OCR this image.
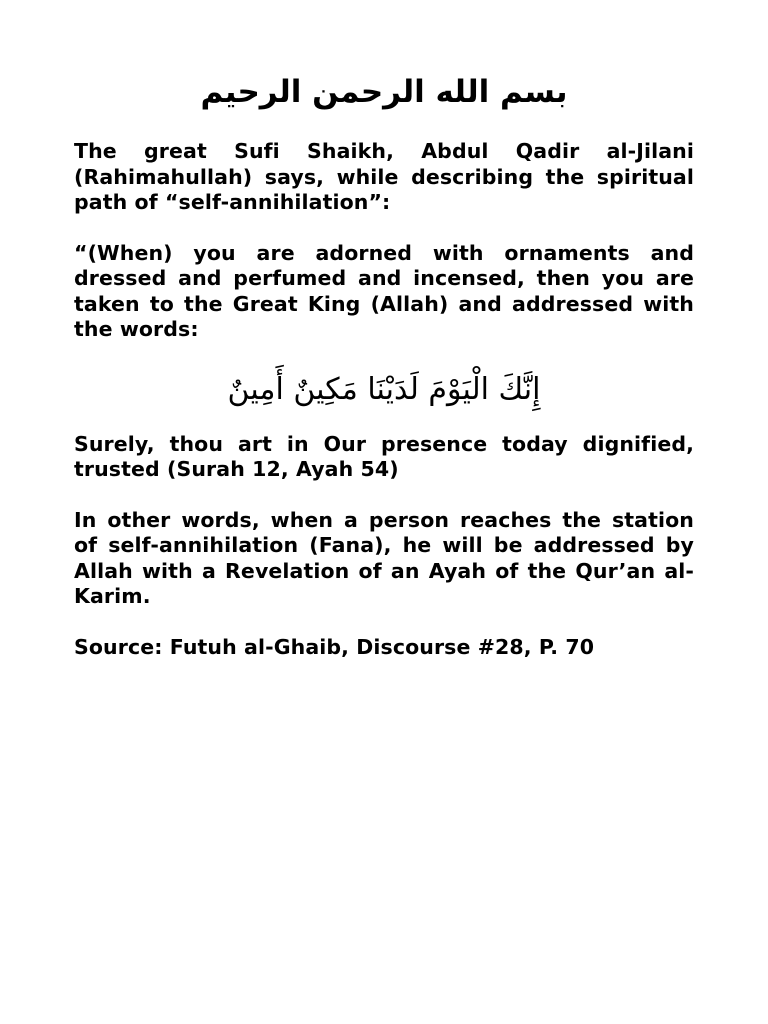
بسم الله الرحمن الرحيم

The great Sufi Shaikh, Abdul Qadir al-Jilani (Rahimahullah) says, while describing the spiritual path of “self-annihilation”:

“(When) you are adorned with ornaments and dressed and perfumed and incensed, then you are taken to the Great King (Allah) and addressed with the words:

إِنَّكَ الْيَوْمَ لَدَيْنَا مَكِينٌ أَمِينٌ

Surely, thou art in Our presence today dignified, trusted (Surah 12, Ayah 54)

In other words, when a person reaches the station of self-annihilation (Fana), he will be addressed by Allah with a Revelation of an Ayah of the Qur’an al-Karim.

Source: Futuh al-Ghaib, Discourse #28, P. 70
